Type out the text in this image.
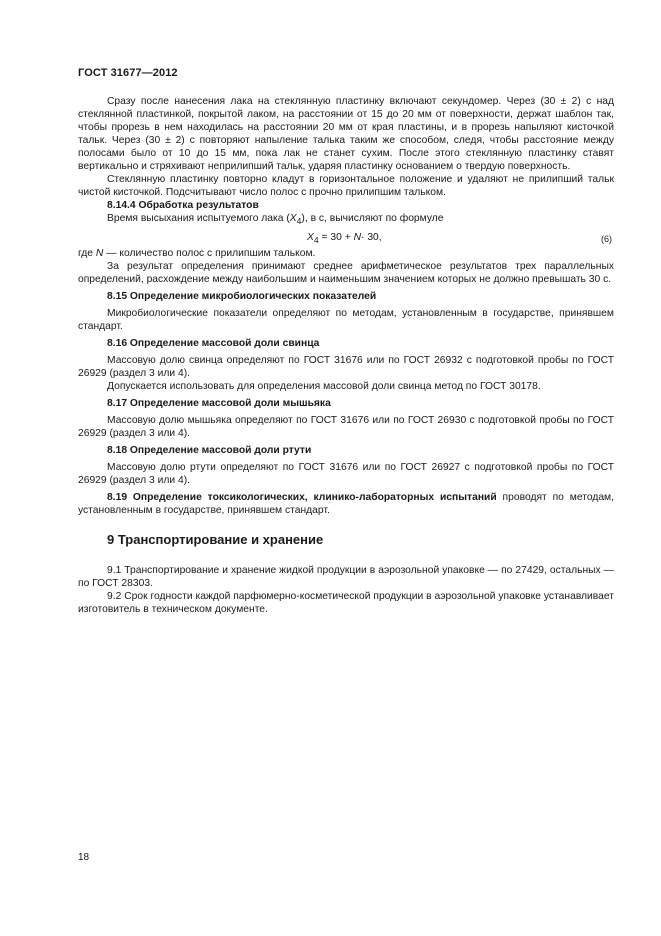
ГОСТ 31677—2012

Сразу после нанесения лака на стеклянную пластинку включают секундомер. Через (30 ± 2) с над стеклянной пластинкой, покрытой лаком, на расстоянии от 15 до 20 мм от поверхности, держат шаблон так, чтобы прорезь в нем находилась на расстоянии 20 мм от края пластины, и в прорезь напыляют кисточкой тальк. Через (30 ± 2) с повторяют напыление талька таким же способом, следя, чтобы расстояние между полосами было от 10 до 15 мм, пока лак не станет сухим. После этого стеклянную пластинку ставят вертикально и стряхивают неприлипший тальк, ударяя пластинку основанием о твердую поверхность.

Стеклянную пластинку повторно кладут в горизонтальное положение и удаляют не прилипший тальк чистой кисточкой. Подсчитывают число полос с прочно прилипшим тальком.

8.14.4 Обработка результатов

Время высыхания испытуемого лака $(X_4)$, в с, вычисляют по формуле

$X_4 = 30 + N\cdot 30$,	(6)

где N — количество полос с прилипшим тальком.

За результат определения принимают среднее арифметическое результатов трех параллельных определений, расхождение между наибольшим и наименьшим значением которых не должно превышать 30 с.

8.15 Определение микробиологических показателей

Микробиологические показатели определяют по методам, установленным в государстве, принявшем стандарт.

8.16 Определение массовой доли свинца

Массовую долю свинца определяют по ГОСТ 31676 или по ГОСТ 26932 с подготовкой пробы по ГОСТ 26929 (раздел 3 или 4).

Допускается использовать для определения массовой доли свинца метод по ГОСТ 30178.

8.17 Определение массовой доли мышьяка

Массовую долю мышьяка определяют по ГОСТ 31676 или по ГОСТ 26930 с подготовкой пробы по ГОСТ 26929 (раздел 3 или 4).

8.18 Определение массовой доли ртути

Массовую долю ртути определяют по ГОСТ 31676 или по ГОСТ 26927 с подготовкой пробы по ГОСТ 26929 (раздел 3 или 4).

8.19 Определение токсикологических, клинико-лабораторных испытаний проводят по методам, установленным в государстве, принявшем стандарт.

9 Транспортирование и хранение

9.1 Транспортирование и хранение жидкой продукции в аэрозольной упаковке — по 27429, остальных — по ГОСТ 28303.

9.2 Срок годности каждой парфюмерно-косметической продукции в аэрозольной упаковке устанавливает изготовитель в техническом документе.

18
